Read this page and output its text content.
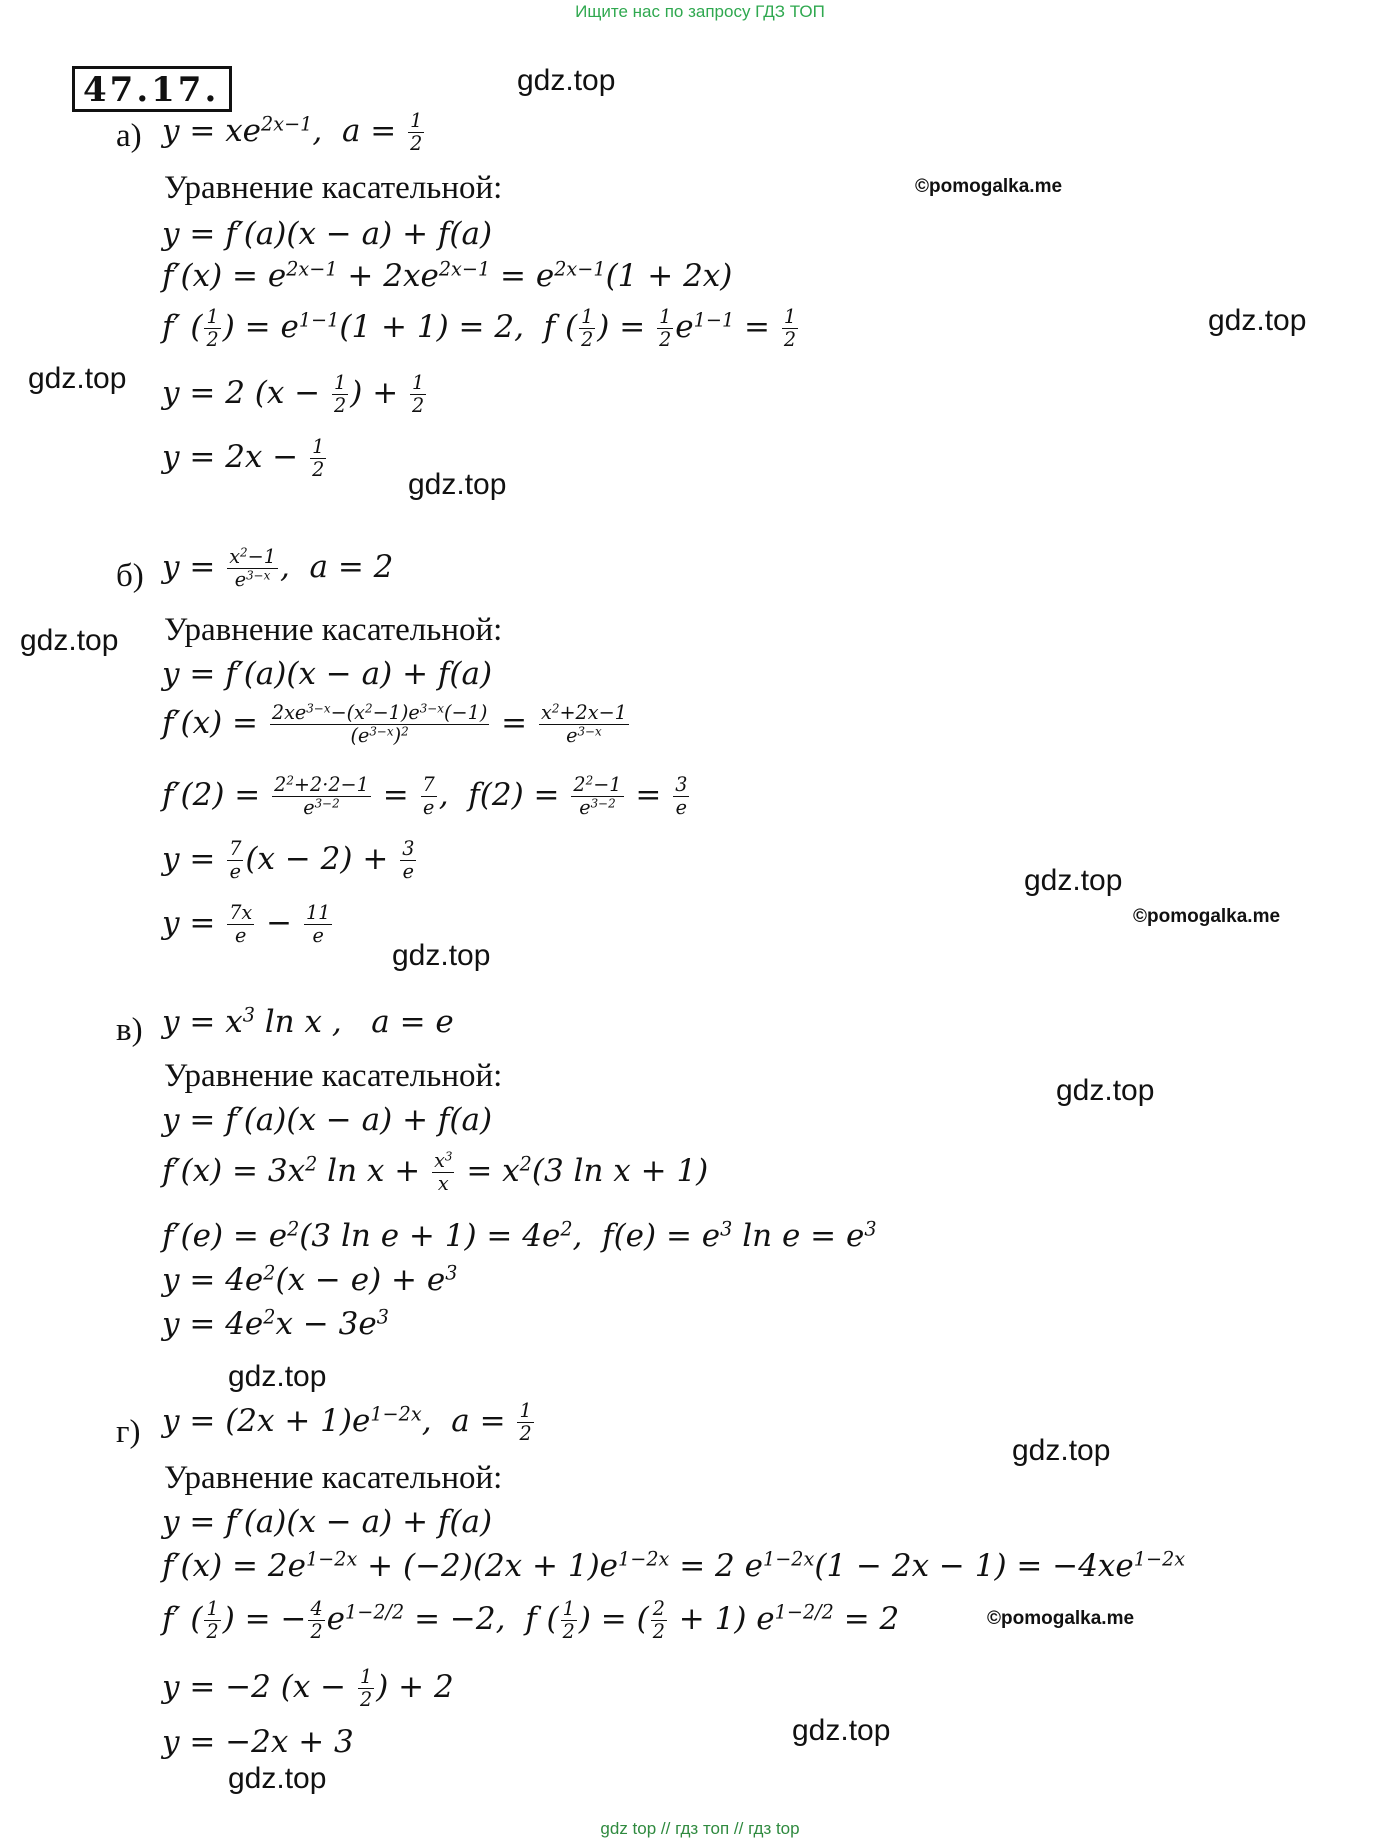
Ищите нас по запросу ГДЗ ТОП
47.17.	gdz.top
©pomogalka.me
gdz.top
gdz.top
gdz.top
gdz.top
gdz.top
©pomogalka.me
gdz.top
gdz.top
gdz.top
gdz.top
©pomogalka.me
gdz.top
gdz.top
а) $y = xe^{2x-1}$,  $a = \frac{1}{2}$
Уравнение касательной:
y = f′(a)(x − a) + f(a)
$f'(x) = e^{2x-1} + 2xe^{2x-1} = e^{2x-1}(1 + 2x)$
f′ ( $\frac{1}{2}$ ) = $e^{1-1}(1 + 1) = 2$,  f ( $\frac{1}{2}$ ) = $\frac{1}{2} e^{1-1} = \frac{1}{2}$
y = 2 ($x - \frac{1}{2}$ ) + $\frac{1}{2}$
$y = 2x - \frac{1}{2}$
б) $y = \frac{x^2-1}{e^{3-x}}$ ,  a = 2
Уравнение касательной:
y = f′(a)(x − a) + f(a)
$f'(x) = \frac{2xe^{3-x}-(x^2-1)e^{3-x}(-1)}{(e^{3-x})^2} = \frac{x^2+2x-1}{e^{3-x}}$
$f'(2) = \frac{2^2+2\cdot 2-1}{e^{3-2}} = \frac{7}{e}$ ,  $f(2) = \frac{2^2-1}{e^{3-2}} = \frac{3}{e}$
$y = \frac{7}{e} (x - 2) + \frac{3}{e}$
$y = \frac{7x}{e} - \frac{11}{e}$
в) $y = x^3$ ln x ,   a = e
Уравнение касательной:
y = f′(a)(x − a) + f(a)
$f'(x) = 3x^2$ $\ln x + \frac{x^3}{x} = x^2(3$ ln x + 1)
$f'(e) = e^2(3$ $\ln e + 1) = 4e^2$,  $f(e) = e^3$ $\ln e = e^3$
$y = 4e^2(x - e) + e^3$
$y = 4e^2x - 3e^3$
г) $y = (2x + 1)e^{1-2x}$,  $a = \frac{1}{2}$
Уравнение касательной:
y = f′(a)(x − a) + f(a)
$f'(x) = 2e^{1-2x} + (-2)(2x + 1)e^{1-2x} = 2$ $e^{1-2x}(1 - 2x - 1) = -4xe^{1-2x}$
f′ ( $\frac{1}{2}$ ) = − $\frac{4}{2} e^{1-2/2} = -2$,  f ( $\frac{1}{2}$ ) = ( $\frac{2}{2} + 1$) $e^{1-2/2} = 2$
y = −2 ($x - \frac{1}{2}$ ) + 2
y = −2x + 3
gdz top // гдз топ // гдз top
